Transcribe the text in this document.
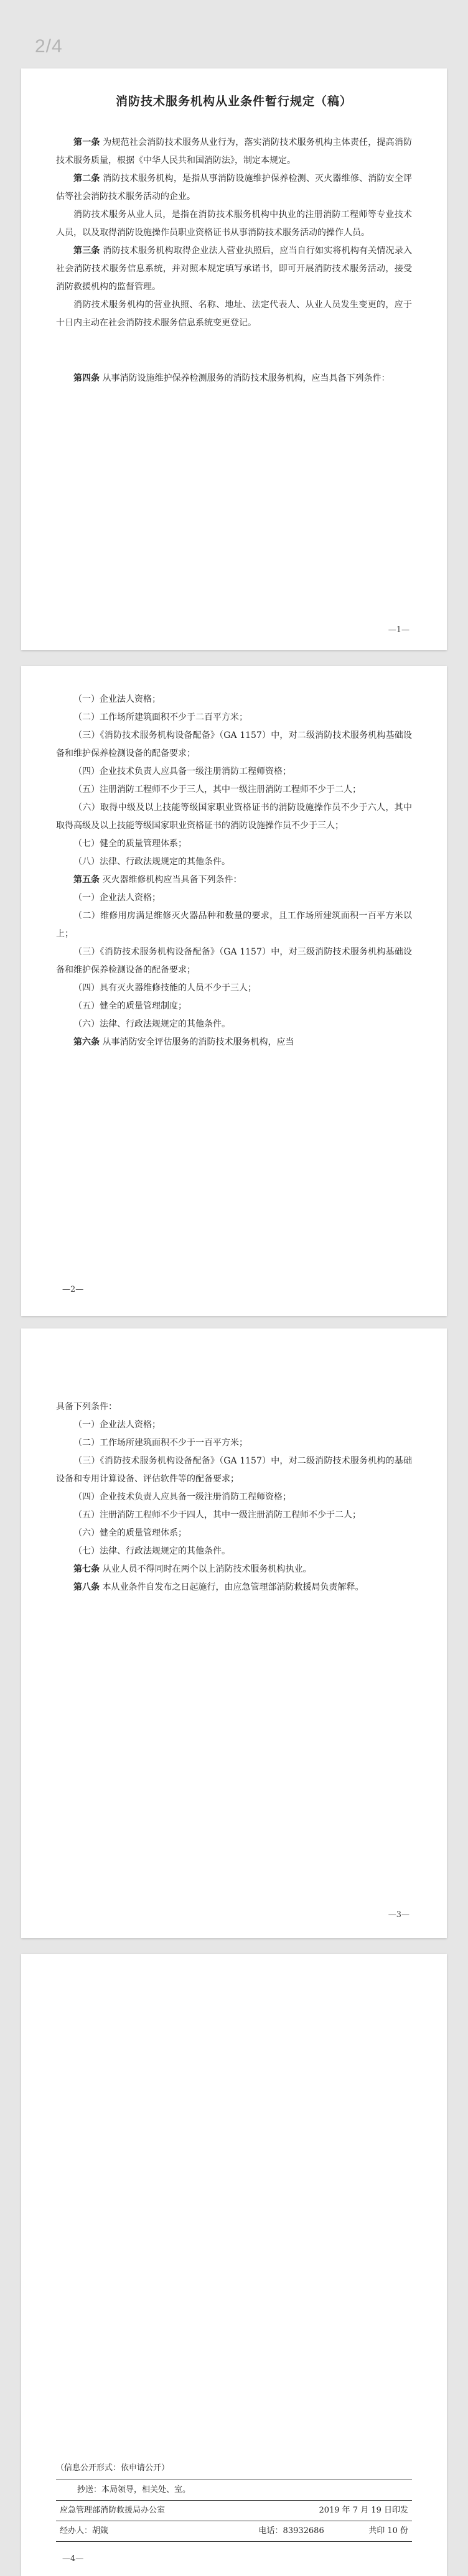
2/4
消防技术服务机构从业条件暂行规定（稿）

第一条 为规范社会消防技术服务从业行为，落实消防技术服务机构主体责任，提高消防技术服务质量，根据《中华人民共和国消防法》，制定本规定。

第二条 消防技术服务机构，是指从事消防设施维护保养检测、灭火器维修、消防安全评估等社会消防技术服务活动的企业。

消防技术服务从业人员，是指在消防技术服务机构中执业的注册消防工程师等专业技术人员，以及取得消防设施操作员职业资格证书从事消防技术服务活动的操作人员。

第三条 消防技术服务机构取得企业法人营业执照后，应当自行如实将机构有关情况录入社会消防技术服务信息系统，并对照本规定填写承诺书，即可开展消防技术服务活动，接受消防救援机构的监督管理。

消防技术服务机构的营业执照、名称、地址、法定代表人、从业人员发生变更的，应于十日内主动在社会消防技术服务信息系统变更登记。

第四条 从事消防设施维护保养检测服务的消防技术服务机构，应当具备下列条件：

—1—

（一）企业法人资格；

（二）工作场所建筑面积不少于二百平方米；

（三）《消防技术服务机构设备配备》（GA 1157）中，对二级消防技术服务机构基础设备和维护保养检测设备的配备要求；

（四）企业技术负责人应具备一级注册消防工程师资格；

（五）注册消防工程师不少于三人，其中一级注册消防工程师不少于二人；

（六）取得中级及以上技能等级国家职业资格证书的消防设施操作员不少于六人，其中取得高级及以上技能等级国家职业资格证书的消防设施操作员不少于三人；

（七）健全的质量管理体系；

（八）法律、行政法规规定的其他条件。

第五条 灭火器维修机构应当具备下列条件：

（一）企业法人资格；

（二）维修用房满足维修灭火器品种和数量的要求，且工作场所建筑面积一百平方米以上；

（三）《消防技术服务机构设备配备》（GA 1157）中，对三级消防技术服务机构基础设备和维护保养检测设备的配备要求；

（四）具有灭火器维修技能的人员不少于三人；

（五）健全的质量管理制度；

（六）法律、行政法规规定的其他条件。

第六条 从事消防安全评估服务的消防技术服务机构，应当

—2—

具备下列条件：

（一）企业法人资格；

（二）工作场所建筑面积不少于一百平方米；

（三）《消防技术服务机构设备配备》（GA 1157）中，对二级消防技术服务机构的基础设备和专用计算设备、评估软件等的配备要求；

（四）企业技术负责人应具备一级注册消防工程师资格；

（五）注册消防工程师不少于四人，其中一级注册消防工程师不少于二人；

（六）健全的质量管理体系；

（七）法律、行政法规规定的其他条件。

第七条 从业人员不得同时在两个以上消防技术服务机构执业。

第八条 本从业条件自发布之日起施行，由应急管理部消防救援局负责解释。

—3—
（信息公开形式：依申请公开）
抄送：本局领导，相关处、室。
应急管理部消防救援局办公室	2019 年 7 月 19 日印发
经办人：胡箴	电话：83932686	共印 10 份
—4—
